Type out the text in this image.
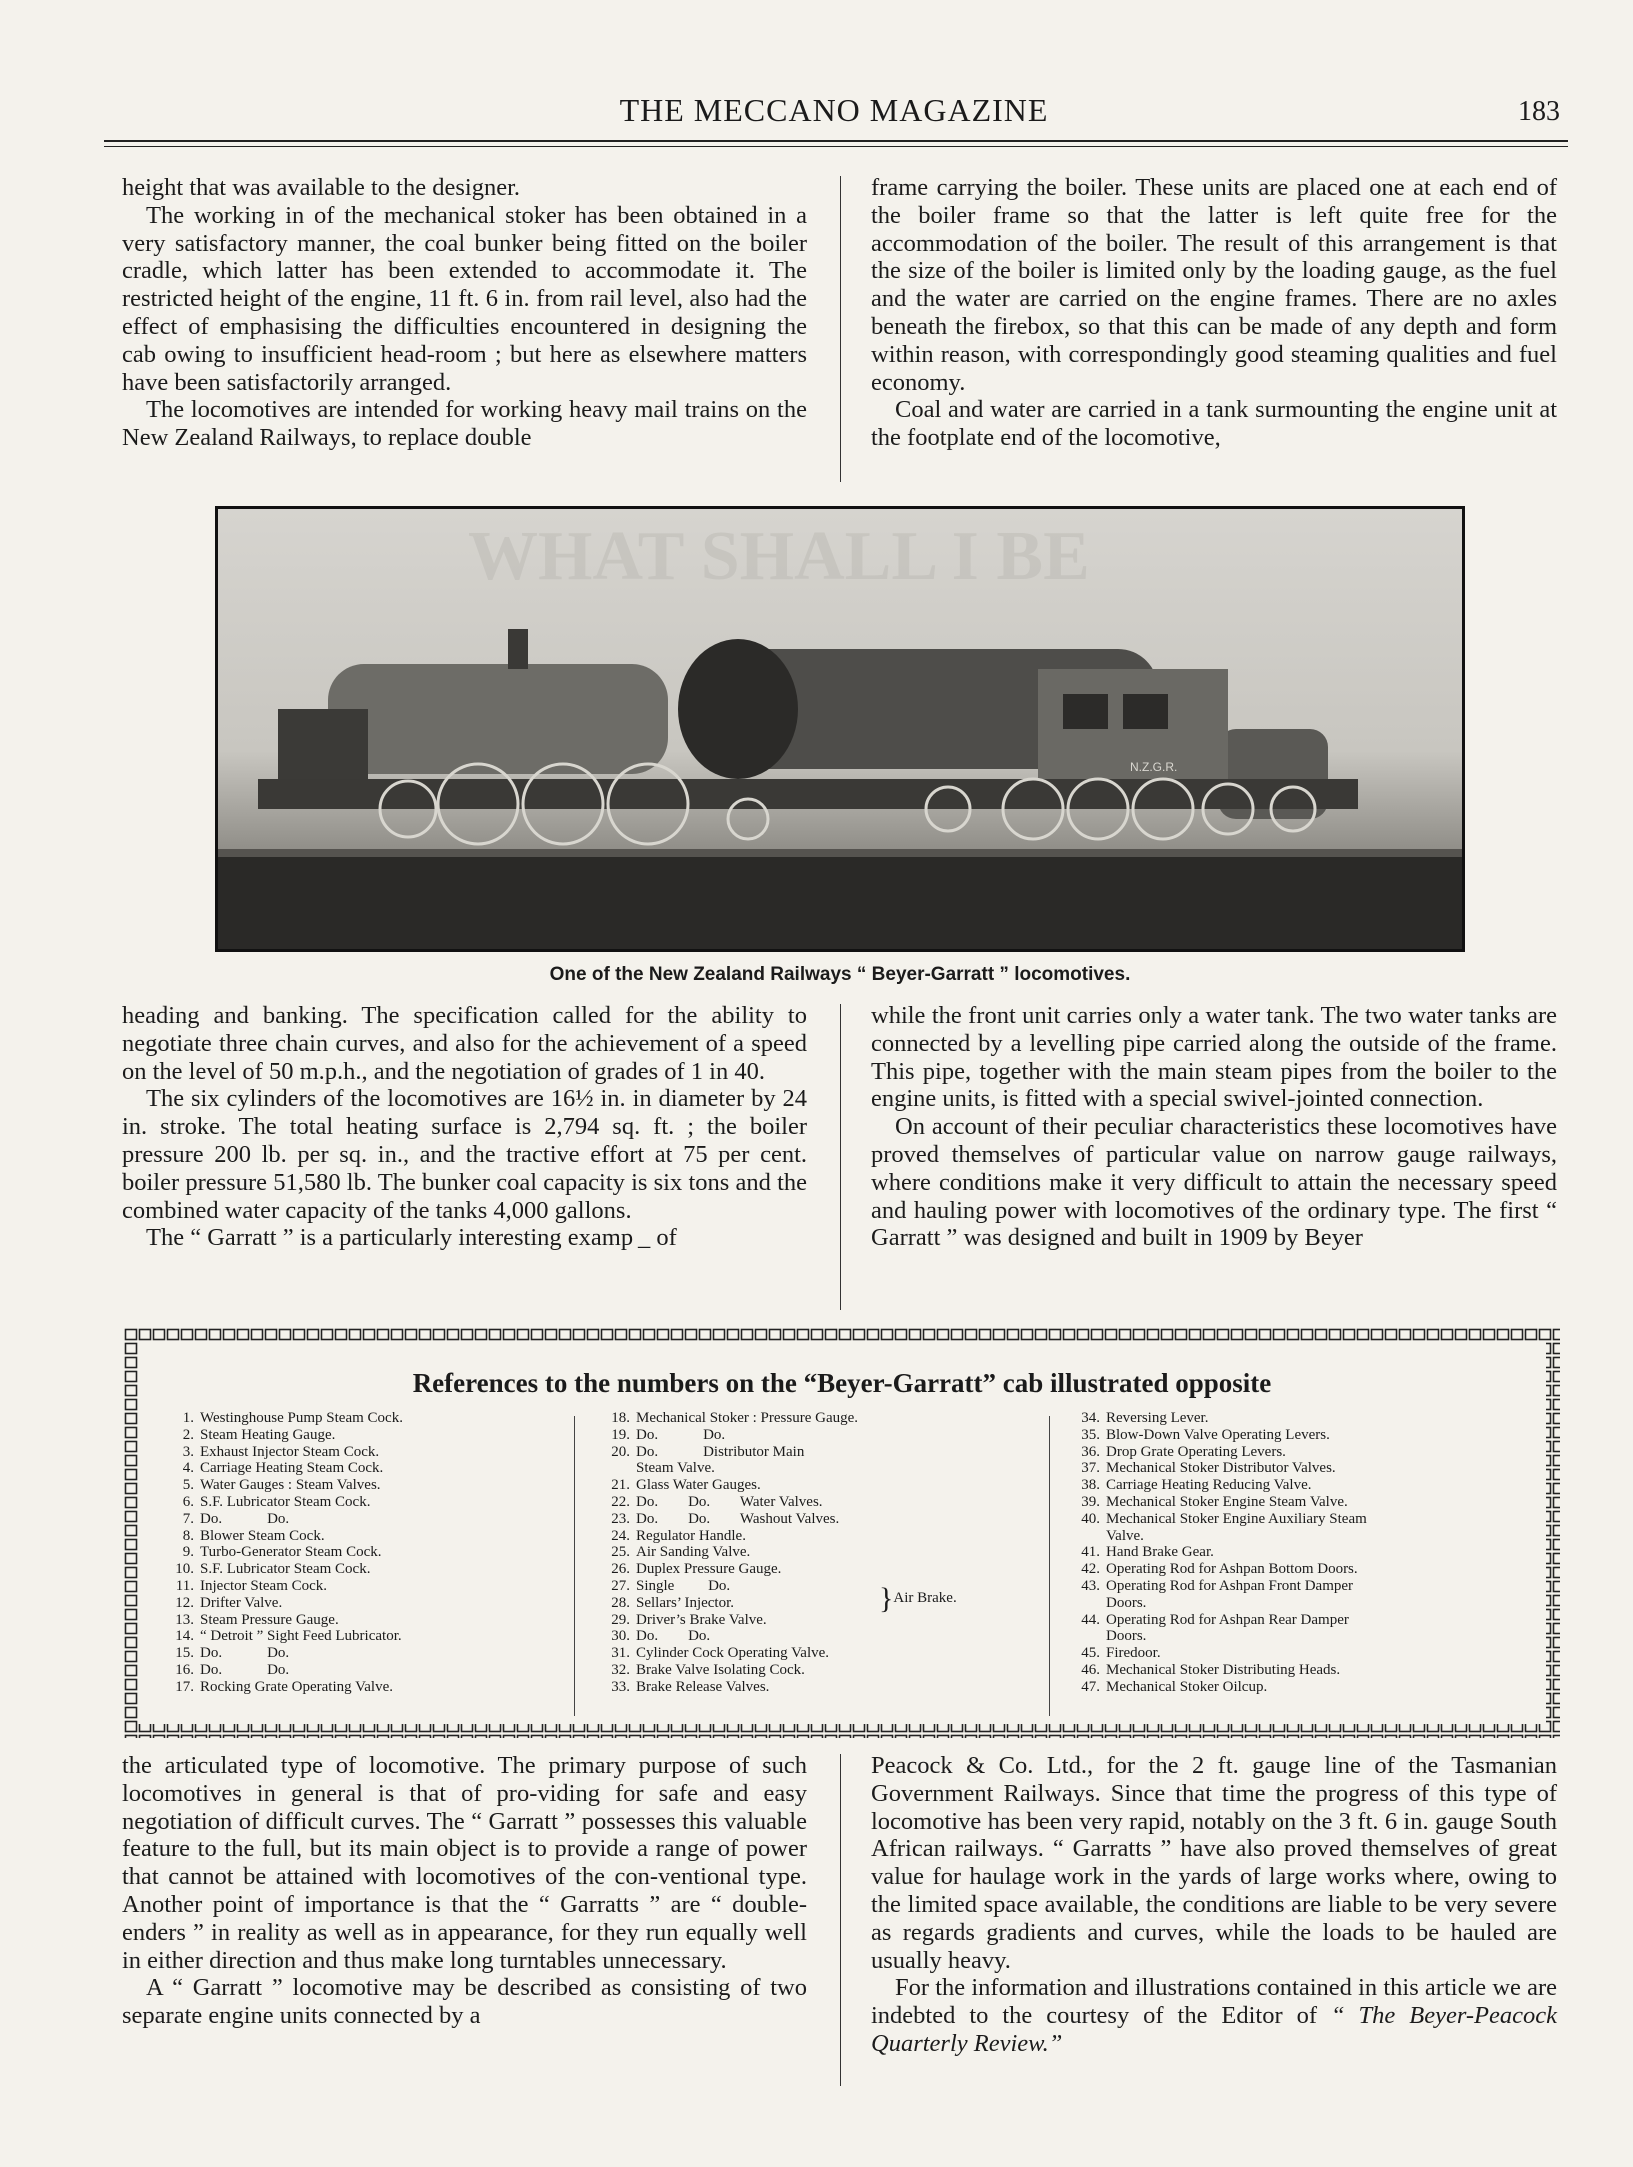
THE MECCANO MAGAZINE	183

height that was available to the designer.

The working in of the mechanical stoker has been obtained in a very satisfactory manner, the coal bunker being fitted on the boiler cradle, which latter has been extended to accommodate it. The restricted height of the engine, 11 ft. 6 in. from rail level, also had the effect of emphasising the difficulties encountered in designing the cab owing to insufficient head-room ; but here as elsewhere matters have been satisfactorily arranged.

The locomotives are intended for working heavy mail trains on the New Zealand Railways, to replace double

frame carrying the boiler. These units are placed one at each end of the boiler frame so that the latter is left quite free for the accommodation of the boiler. The result of this arrangement is that the size of the boiler is limited only by the loading gauge, as the fuel and the water are carried on the engine frames. There are no axles beneath the firebox, so that this can be made of any depth and form within reason, with correspondingly good steaming qualities and fuel economy.

Coal and water are carried in a tank surmounting the engine unit at the footplate end of the locomotive,

WHAT SHALL I BE
N.Z.G.R.
One of the New Zealand Railways “ Beyer-Garratt ” locomotives.

heading and banking. The specification called for the ability to negotiate three chain curves, and also for the achievement of a speed on the level of 50 m.p.h., and the negotiation of grades of 1 in 40.

The six cylinders of the locomotives are 16½ in. in diameter by 24 in. stroke. The total heating surface is 2,794 sq. ft. ; the boiler pressure 200 lb. per sq. in., and the tractive effort at 75 per cent. boiler pressure 51,580 lb. The bunker coal capacity is six tons and the combined water capacity of the tanks 4,000 gallons.

The “ Garratt ” is a particularly interesting examp _ of

while the front unit carries only a water tank. The two water tanks are connected by a levelling pipe carried along the outside of the frame. This pipe, together with the main steam pipes from the boiler to the engine units, is fitted with a special swivel-jointed connection.

On account of their peculiar characteristics these locomotives have proved themselves of particular value on narrow gauge railways, where conditions make it very difficult to attain the necessary speed and hauling power with locomotives of the ordinary type. The first “ Garratt ” was designed and built in 1909 by Beyer

References to the numbers on the “Beyer-Garratt” cab illustrated opposite
1. Westinghouse Pump Steam Cock.
2. Steam Heating Gauge.
3. Exhaust Injector Steam Cock.
4. Carriage Heating Steam Cock.
5. Water Gauges : Steam Valves.
6. S.F. Lubricator Steam Cock.
7. Do.            Do.
8. Blower Steam Cock.
9. Turbo-Generator Steam Cock.
10. S.F. Lubricator Steam Cock.
11. Injector Steam Cock.
12. Drifter Valve.
13. Steam Pressure Gauge.
14. “ Detroit ” Sight Feed Lubricator.
15. Do.            Do.
16. Do.            Do.
17. Rocking Grate Operating Valve.
18. Mechanical Stoker : Pressure Gauge.
19. Do.            Do.
20. Do.            Distributor Main
Steam Valve.
21. Glass Water Gauges.
22. Do.        Do.        Water Valves.
23. Do.        Do.        Washout Valves.
24. Regulator Handle.
25. Air Sanding Valve.
26. Duplex Pressure Gauge.
27. Single         Do.
28. Sellars’ Injector.
29. Driver’s Brake Valve.
30. Do.        Do.
31. Cylinder Cock Operating Valve.
32. Brake Valve Isolating Cock.
33. Brake Release Valves.
}Air Brake.
34. Reversing Lever.
35. Blow-Down Valve Operating Levers.
36. Drop Grate Operating Levers.
37. Mechanical Stoker Distributor Valves.
38. Carriage Heating Reducing Valve.
39. Mechanical Stoker Engine Steam Valve.
40. Mechanical Stoker Engine Auxiliary Steam
Valve.
41. Hand Brake Gear.
42. Operating Rod for Ashpan Bottom Doors.
43. Operating Rod for Ashpan Front Damper
Doors.
44. Operating Rod for Ashpan Rear Damper
Doors.
45. Firedoor.
46. Mechanical Stoker Distributing Heads.
47. Mechanical Stoker Oilcup.

the articulated type of locomotive. The primary purpose of such locomotives in general is that of pro-viding for safe and easy negotiation of difficult curves. The “ Garratt ” possesses this valuable feature to the full, but its main object is to provide a range of power that cannot be attained with locomotives of the con-ventional type. Another point of importance is that the “ Garratts ” are “ double-enders ” in reality as well as in appearance, for they run equally well in either direction and thus make long turntables unnecessary.

A “ Garratt ” locomotive may be described as consisting of two separate engine units connected by a

Peacock & Co. Ltd., for the 2 ft. gauge line of the Tasmanian Government Railways. Since that time the progress of this type of locomotive has been very rapid, notably on the 3 ft. 6 in. gauge South African railways. “ Garratts ” have also proved themselves of great value for haulage work in the yards of large works where, owing to the limited space available, the conditions are liable to be very severe as regards gradients and curves, while the loads to be hauled are usually heavy.

For the information and illustrations contained in this article we are indebted to the courtesy of the Editor of “ The Beyer-Peacock Quarterly Review.”
